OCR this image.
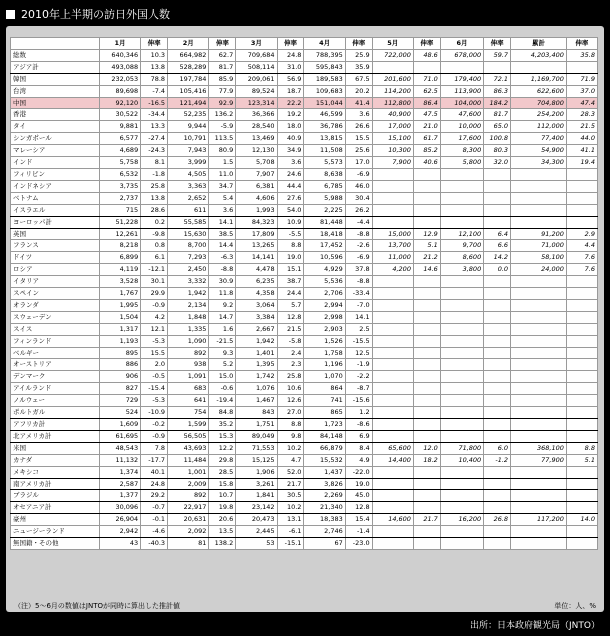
2010年上半期の訪日外国人数
	1月	伸率	2月	伸率	3月	伸率	4月	伸率	5月	伸率	6月	伸率	累計	伸率
総数	640,346	10.3	664,982	62.7	709,684	24.8	788,395	25.9	722,000	48.6	678,000	59.7	4,203,400	35.8
アジア計	493,088	13.8	528,289	81.7	508,114	31.0	595,843	35.9						
韓国	232,053	78.8	197,784	85.9	209,061	56.9	189,583	67.5	201,600	71.0	179,400	72.1	1,169,700	71.9
台湾	89,698	-7.4	105,416	77.9	89,524	18.7	109,683	20.2	114,200	62.5	113,900	86.3	622,600	37.0
中国	92,120	-16.5	121,494	92.9	123,314	22.2	151,044	41.4	112,800	86.4	104,000	184.2	704,800	47.4
香港	30,522	-34.4	52,235	136.2	36,366	19.2	46,599	3.6	40,900	47.5	47,600	81.7	254,200	28.3
タイ	9,881	13.3	9,944	-5.9	28,540	18.0	36,786	26.6	17,000	21.0	10,000	65.0	112,000	21.5
シンガポール	6,577	-27.4	10,791	113.5	13,469	40.9	13,815	15.5	15,100	61.7	17,600	100.8	77,400	44.0
マレーシア	4,689	-24.3	7,943	80.9	12,130	34.9	11,508	25.6	10,300	85.2	8,300	80.3	54,900	41.1
インド	5,758	8.1	3,999	1.5	5,708	3.6	5,573	17.0	7,900	40.6	5,800	32.0	34,300	19.4
フィリピン	6,532	-1.8	4,505	11.0	7,907	24.6	8,638	-6.9						
インドネシア	3,735	25.8	3,363	34.7	6,381	44.4	6,785	46.0						
ベトナム	2,737	13.8	2,652	5.4	4,606	27.6	5,988	30.4						
イスラエル	715	28.6	611	3.6	1,993	54.0	2,225	26.2						
ヨーロッパ計	51,228	0.2	55,585	14.1	84,323	10.9	81,448	-4.4						
英国	12,261	-9.8	15,630	38.5	17,809	-5.5	18,418	-8.8	15,000	12.9	12,100	6.4	91,200	2.9
フランス	8,218	0.8	8,700	14.4	13,265	8.8	17,452	-2.6	13,700	5.1	9,700	6.6	71,000	4.4
ドイツ	6,899	6.1	7,293	-6.3	14,141	19.0	10,596	-6.9	11,000	21.2	8,600	14.2	58,100	7.6
ロシア	4,119	-12.1	2,450	-8.8	4,478	15.1	4,929	37.8	4,200	14.6	3,800	0.0	24,000	7.6
イタリア	3,528	30.1	3,332	30.9	6,235	38.7	5,536	-8.8						
スペイン	1,767	29.9	1,942	11.8	4,358	24.4	2,706	-33.4						
オランダ	1,995	-0.9	2,134	9.2	3,064	5.7	2,994	-7.0						
スウェーデン	1,504	4.2	1,848	14.7	3,384	12.8	2,998	14.1						
スイス	1,317	12.1	1,335	1.6	2,667	21.5	2,903	2.5						
フィンランド	1,193	-5.3	1,090	-21.5	1,942	-5.8	1,526	-15.5						
ベルギー	895	15.5	892	9.3	1,401	2.4	1,758	12.5						
オーストリア	886	2.0	938	5.2	1,395	2.3	1,196	-1.9						
デンマーク	906	-0.5	1,091	15.0	1,742	25.8	1,070	-2.2						
アイルランド	827	-15.4	683	-0.6	1,076	10.6	864	-8.7						
ノルウェー	729	-5.3	641	-19.4	1,467	12.6	741	-15.6						
ポルトガル	524	-10.9	754	84.8	843	27.0	865	1.2						
アフリカ計	1,609	-0.2	1,599	35.2	1,751	8.8	1,723	-8.6						
北アメリカ計	61,695	-0.9	56,505	15.3	89,049	9.8	84,148	6.9						
米国	48,543	7.8	43,693	12.2	71,553	10.2	66,879	8.4	65,600	12.0	71,800	6.0	368,100	8.8
カナダ	11,132	-17.7	11,484	29.8	15,125	4.7	15,532	4.9	14,400	18.2	10,400	-1.2	77,900	5.1
メキシコ	1,374	40.1	1,001	28.5	1,906	52.0	1,437	-22.0						
南アメリカ計	2,587	24.8	2,009	15.8	3,261	21.7	3,826	19.0						
ブラジル	1,377	29.2	892	10.7	1,841	30.5	2,269	45.0						
オセアニア計	30,096	-0.7	22,917	19.8	23,142	10.2	21,340	12.8						
豪州	26,904	-0.1	20,631	20.6	20,473	13.1	18,383	15.4	14,600	21.7	16,200	26.8	117,200	14.0
ニュージーランド	2,942	-4.6	2,092	13.5	2,445	-6.1	2,746	-1.4						
無国籍・その他	43	-40.3	81	138.2	53	-15.1	67	-23.0						
（注）5～6月の数値はJNTOが同時に算出した推計値	単位：人、%
出所：日本政府観光局（JNTO）
